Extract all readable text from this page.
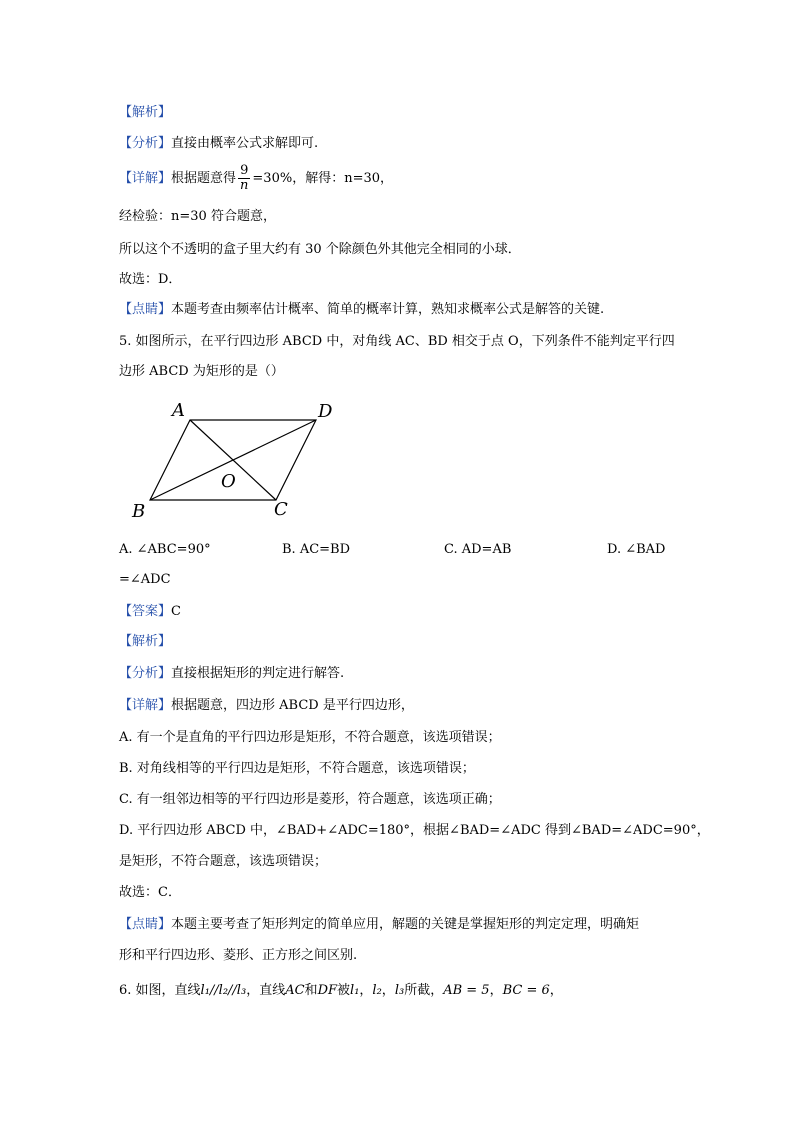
【解析】
【分析】直接由概率公式求解即可.
【详解】根据题意得 $\frac{9}{n} =30\%$，解得：n=30，
经检验：n=30 符合题意，
所以这个不透明的盒子里大约有 30 个除颜色外其他完全相同的小球．
故选：D．
【点睛】本题考查由频率估计概率、简单的概率计算，熟知求概率公式是解答的关键.
5. 如图所示，在平行四边形 ABCD 中，对角线 AC、BD 相交于点 O，下列条件不能判定平行四
边形 ABCD 为矩形的是（）
A	D
B	C
O
A. ∠ABC=90°	B. AC=BD	C. AD=AB	D. ∠BAD
=∠ADC
【答案】C
【解析】
【分析】直接根据矩形的判定进行解答.
【详解】根据题意，四边形 ABCD 是平行四边形，
A. 有一个是直角的平行四边形是矩形，不符合题意，该选项错误；
B. 对角线相等的平行四边是矩形，不符合题意，该选项错误；
C. 有一组邻边相等的平行四边形是菱形，符合题意，该选项正确；
D. 平行四边形 ABCD 中，∠BAD+∠ADC=180°，根据∠BAD=∠ADC 得到∠BAD=∠ADC=90°，
是矩形，不符合题意，该选项错误；
故选：C．
【点睛】本题主要考查了矩形判定的简单应用，解题的关键是掌握矩形的判定定理，明确矩
形和平行四边形、菱形、正方形之间区别.
6. 如图，直线l₁//l₂//l₃，直线AC和DF被l₁，l₂，l₃所截，AB = 5，BC = 6，
